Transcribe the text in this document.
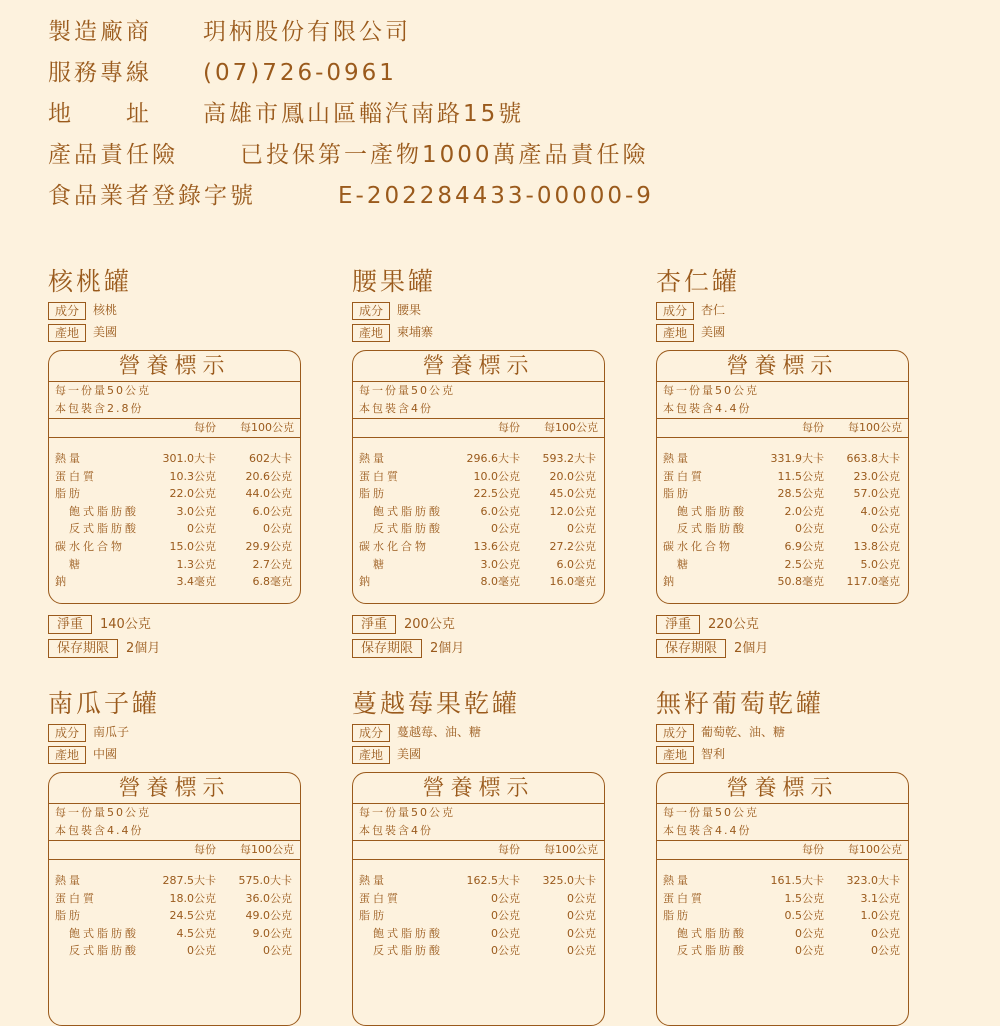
製造廠商 玥柄股份有限公司
服務專線 (07)726-0961
地　　址 高雄市鳳山區輜汽南路15號
產品責任險	已投保第一產物1000萬產品責任險
食品業者登錄字號	E-202284433-00000-9
核桃罐
成分 核桃
產地 美國
營養標示
每一份量50公克
本包裝含2.8份
每份 每100公克
熱量	301.0大卡	602大卡
蛋白質	10.3公克	20.6公克
脂肪	22.0公克	44.0公克
飽式脂肪酸	3.0公克	6.0公克
反式脂肪酸	0公克	0公克
碳水化合物	15.0公克	29.9公克
糖	1.3公克	2.7公克
鈉	3.4毫克	6.8毫克
淨重 140公克
保存期限 2個月
腰果罐
成分 腰果
產地 柬埔寨
營養標示
每一份量50公克
本包裝含4份
每份 每100公克
熱量	296.6大卡 593.2大卡
蛋白質	10.0公克	20.0公克
脂肪	22.5公克	45.0公克
飽式脂肪酸	6.0公克	12.0公克
反式脂肪酸	0公克	0公克
碳水化合物	13.6公克	27.2公克
糖	3.0公克	6.0公克
鈉	8.0毫克	16.0毫克
淨重 200公克
保存期限 2個月
杏仁罐
成分 杏仁
產地 美國
營養標示
每一份量50公克
本包裝含4.4份
每份 每100公克
熱量	331.9大卡 663.8大卡
蛋白質	11.5公克	23.0公克
脂肪	28.5公克	57.0公克
飽式脂肪酸	2.0公克	4.0公克
反式脂肪酸	0公克	0公克
碳水化合物	6.9公克	13.8公克
糖	2.5公克	5.0公克
鈉	50.8毫克 117.0毫克
淨重 220公克
保存期限 2個月
南瓜子罐
成分 南瓜子
產地 中國
營養標示
每一份量50公克
本包裝含4.4份
每份 每100公克
熱量	287.5大卡 575.0大卡
蛋白質	18.0公克	36.0公克
脂肪	24.5公克	49.0公克
飽式脂肪酸	4.5公克	9.0公克
反式脂肪酸	0公克	0公克
蔓越莓果乾罐
成分 蔓越莓、油、糖
產地 美國
營養標示
每一份量50公克
本包裝含4份
每份 每100公克
熱量	162.5大卡 325.0大卡
蛋白質	0公克	0公克
脂肪	0公克	0公克
飽式脂肪酸	0公克	0公克
反式脂肪酸	0公克	0公克
無籽葡萄乾罐
成分 葡萄乾、油、糖
產地 智利
營養標示
每一份量50公克
本包裝含4.4份
每份 每100公克
熱量	161.5大卡 323.0大卡
蛋白質	1.5公克	3.1公克
脂肪	0.5公克	1.0公克
飽式脂肪酸	0公克	0公克
反式脂肪酸	0公克	0公克
